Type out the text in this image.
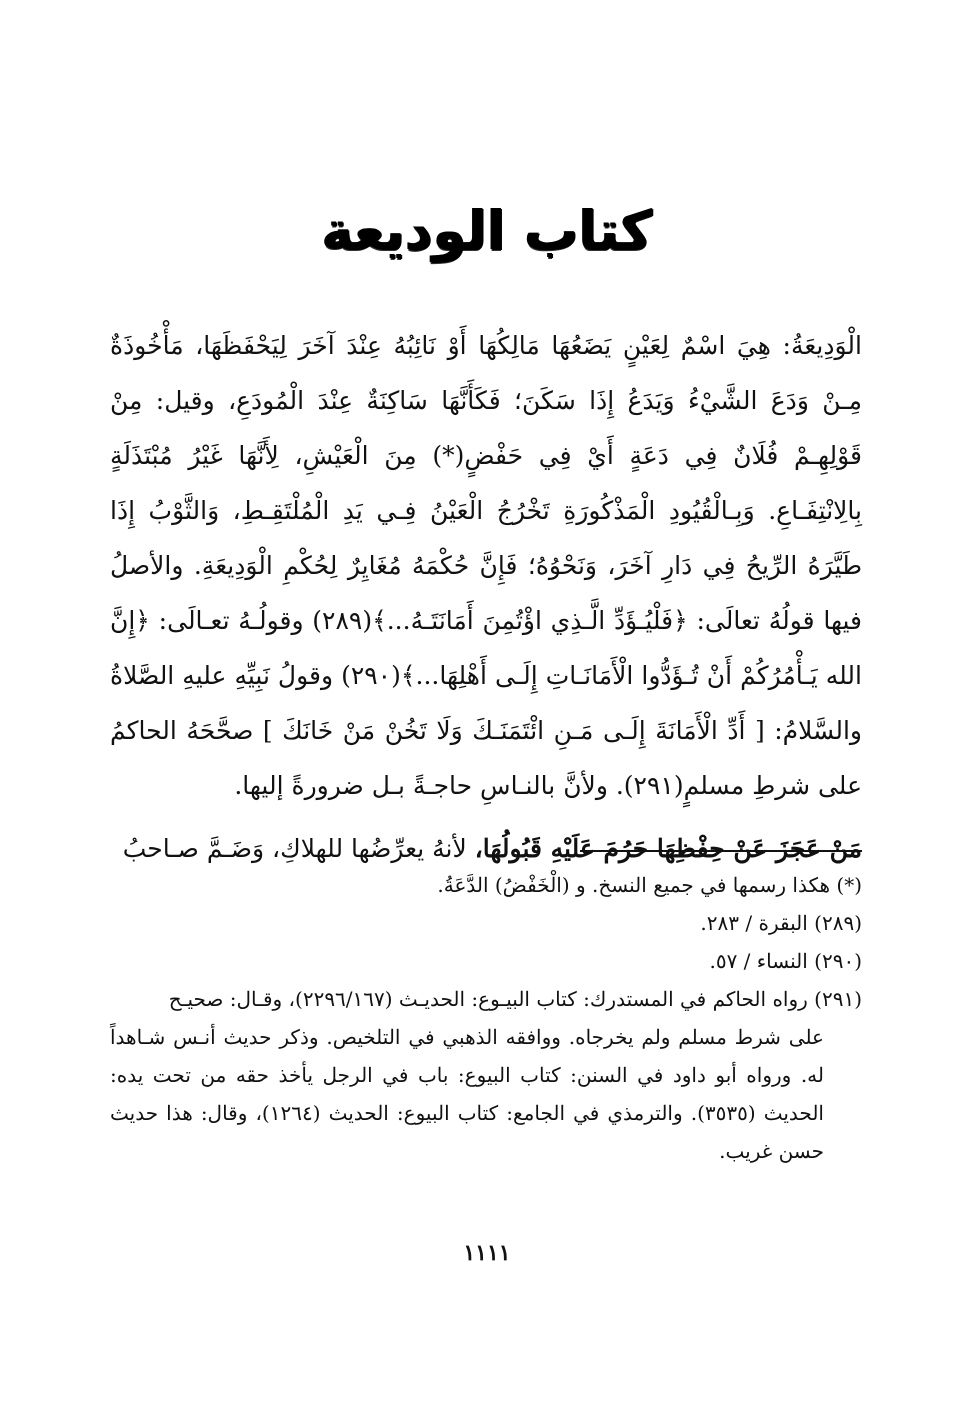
كتاب الوديعة

الْوَدِيعَةُ: هِيَ اسْمٌ لِعَيْنٍ يَضَعُهَا مَالِكُهَا أَوْ نَائِبُهُ عِنْدَ آخَرَ لِيَحْفَظَهَا، مَأْخُوذَةٌ مِـنْ وَدَعَ الشَّيْءُ وَيَدَعُ إِذَا سَكَنَ؛ فَكَأَنَّهَا سَاكِنَةٌ عِنْدَ الْمُودَعِ، وقيل: مِنْ قَوْلِهِـمْ فُلَانٌ فِي دَعَةٍ أَيْ فِي حَفْضٍ(*) مِنَ الْعَيْشِ، لِأَنَّهَا غَيْرُ مُبْتَذَلَةٍ بِالِانْتِفَـاعِ. وَبِـالْقُيُودِ الْمَذْكُورَةِ تَخْرُجُ الْعَيْنُ فِـي يَدِ الْمُلْتَقِـطِ، وَالثَّوْبُ إِذَا طَيَّرَهُ الرِّيحُ فِي دَارِ آخَرَ، وَنَحْوُهُ؛ فَإِنَّ حُكْمَهُ مُغَايِرٌ لِحُكْمِ الْوَدِيعَةِ. والأصلُ فيها قولُهُ تعالَى: ﴿فَلْيُـؤَدِّ الَّـذِي اؤْتُمِنَ أَمَانَتَـهُ...﴾(٢٨٩) وقولُـهُ تعـالَى: ﴿إِنَّ الله يَـأْمُرُكُمْ أَنْ تُـؤَدُّوا الْأَمَانَـاتِ إِلَـى أَهْلِهَا...﴾(٢٩٠) وقولُ نَبِيِّهِ عليهِ الصَّلاةُ والسَّلامُ: [ أَدِّ الْأَمَانَةَ إِلَـى مَـنِ ائْتَمَنَـكَ وَلَا تَخُنْ مَنْ خَانَكَ ] صحَّحَهُ الحاكمُ على شرطِ مسلمٍ(٢٩١). ولأنَّ بالنـاسِ حاجـةً بـل ضرورةً إليها.

مَنْ عَجَزَ عَنْ حِفْظِهَا حَرُمَ عَلَيْهِ قَبُولُهَا، لأنهُ يعرِّضُها للهلاكِ، وَضَـمَّ صـاحبُ

(*) هكذا رسمها في جميع النسخ. و (الْخَفْضُ) الدَّعَةُ.

(٢٨٩) البقرة / ٢٨٣.

(٢٩٠) النساء / ٥٧.

(٢٩١) رواه الحاكم في المستدرك: كتاب البيـوع: الحديـث (٢٢٩٦/١٦٧)، وقـال: صحيـح

على شرط مسلم ولم يخرجاه. ووافقه الذهبي في التلخيص. وذكر حديث أنـس شـاهداً له. ورواه أبو داود في السنن: كتاب البيوع: باب في الرجل يأخذ حقه من تحت يده: الحديث (٣٥٣٥). والترمذي في الجامع: كتاب البيوع: الحديث (١٢٦٤)، وقال: هذا حديث حسن غريب.

١١١١
